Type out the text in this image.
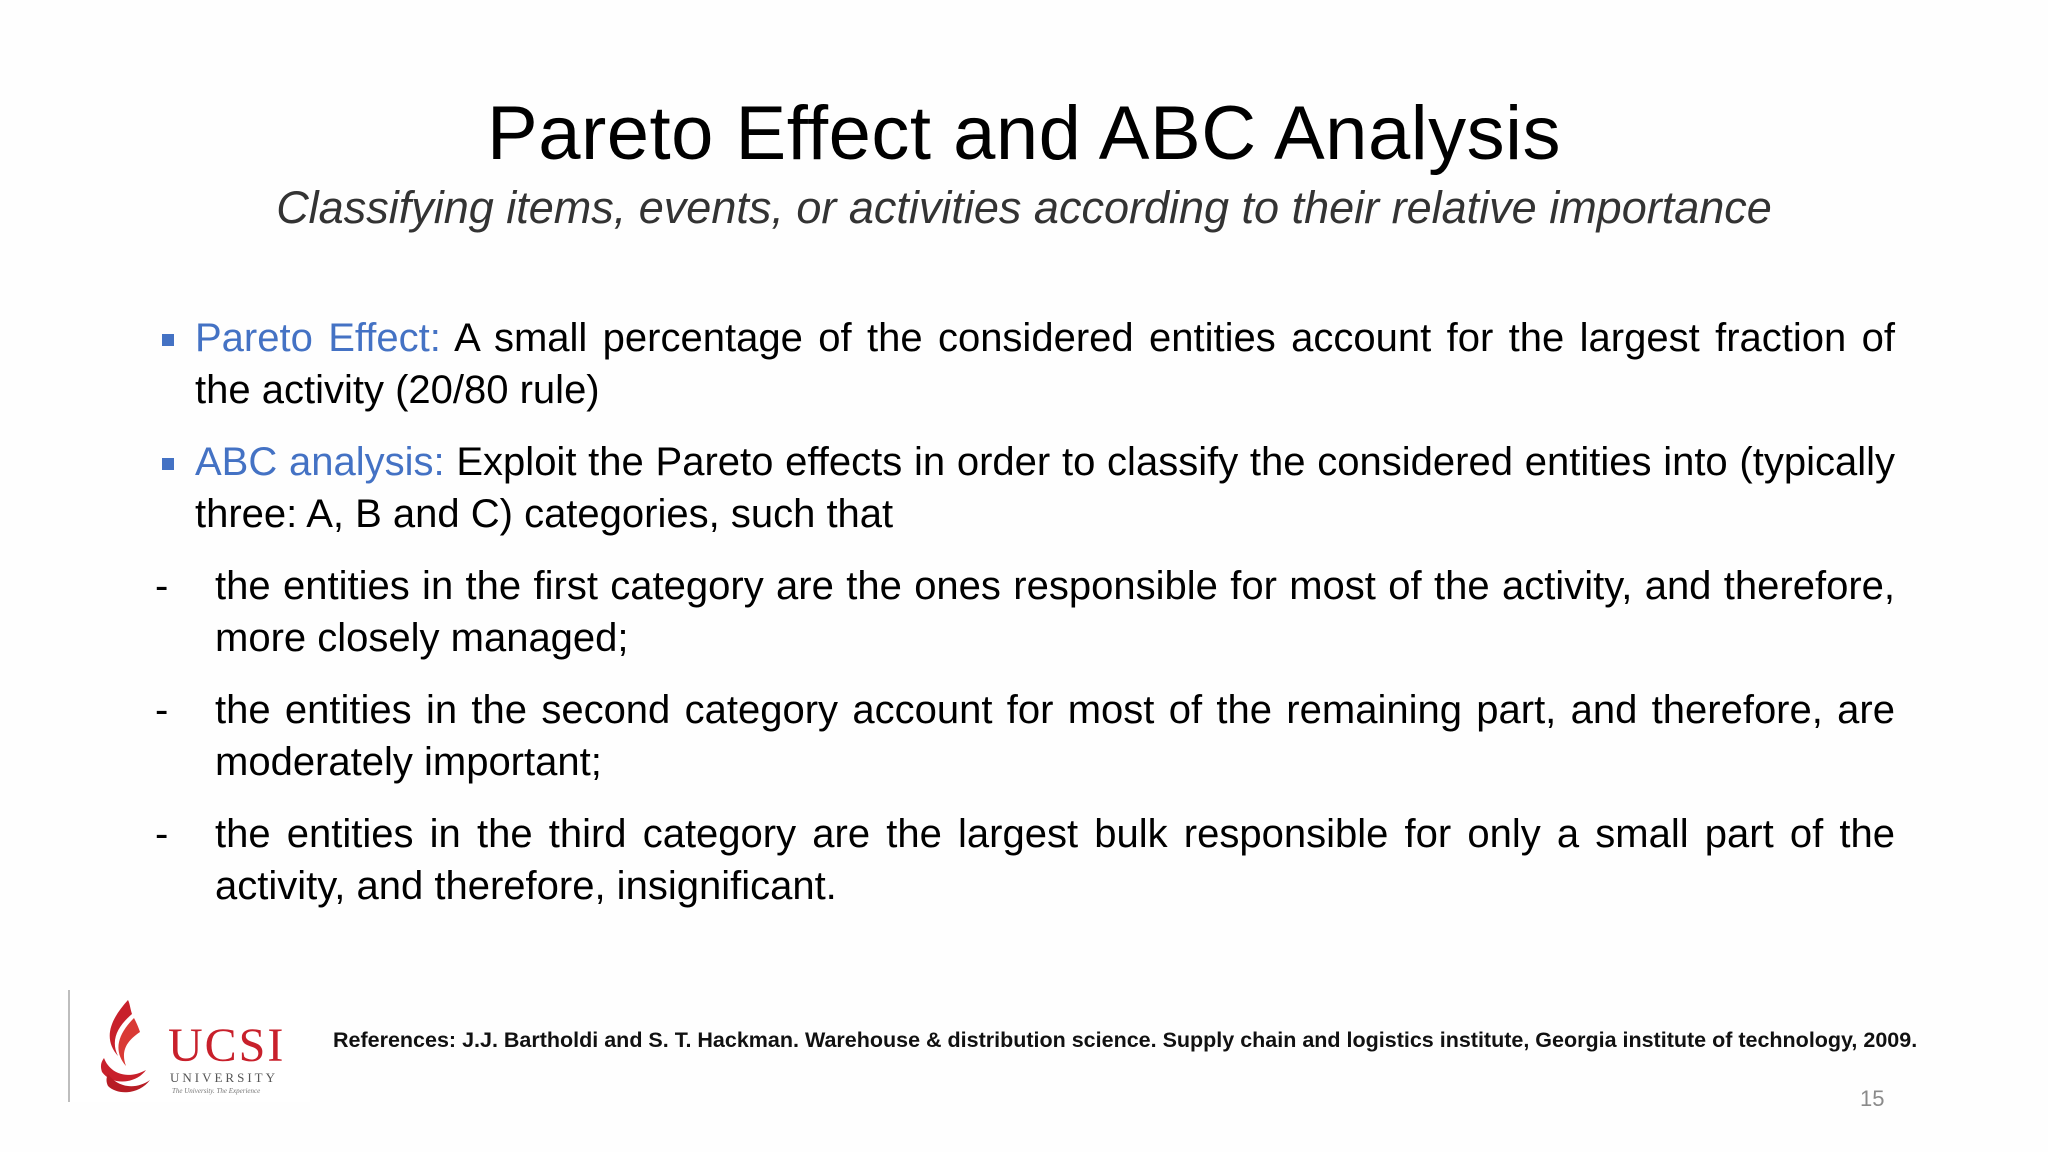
Pareto Effect and ABC Analysis
Classifying items, events, or activities according to their relative importance
Pareto Effect: A small percentage of the considered entities account for the largest fraction of the activity (20/80 rule)
ABC analysis: Exploit the Pareto effects in order to classify the considered entities into (typically three: A, B and C) categories, such that
- the entities in the first category are the ones responsible for most of the activity, and therefore, more closely managed;
- the entities in the second category account for most of the remaining part, and therefore, are moderately important;
- the entities in the third category are the largest bulk responsible for only a small part of the activity, and therefore, insignificant.
UCSI
UNIVERSITY
The University. The Experience
References: J.J. Bartholdi and S. T. Hackman. Warehouse & distribution science. Supply chain and logistics institute, Georgia institute of technology, 2009.
15
